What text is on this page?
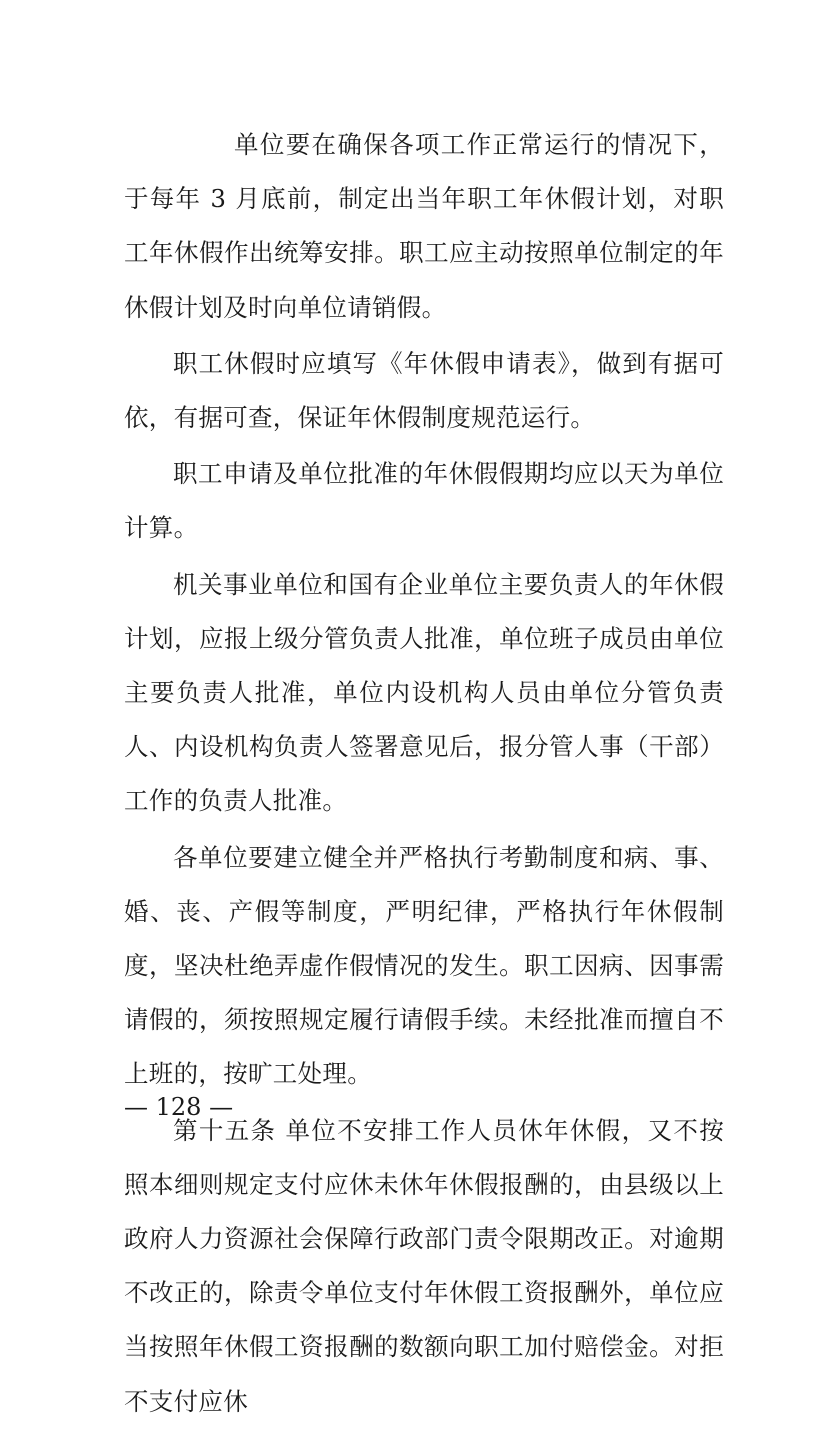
单位要在确保各项工作正常运行的情况下，于每年 3 月底前，制定出当年职工年休假计划，对职工年休假作出统筹安排。职工应主动按照单位制定的年休假计划及时向单位请销假。

职工休假时应填写《年休假申请表》，做到有据可依，有据可查，保证年休假制度规范运行。

职工申请及单位批准的年休假假期均应以天为单位计算。

机关事业单位和国有企业单位主要负责人的年休假计划，应报上级分管负责人批准，单位班子成员由单位主要负责人批准，单位内设机构人员由单位分管负责人、内设机构负责人签署意见后，报分管人事（干部）工作的负责人批准。

各单位要建立健全并严格执行考勤制度和病、事、婚、丧、产假等制度，严明纪律，严格执行年休假制度，坚决杜绝弄虚作假情况的发生。职工因病、因事需请假的，须按照规定履行请假手续。未经批准而擅自不上班的，按旷工处理。

第十五条 单位不安排工作人员休年休假，又不按照本细则规定支付应休未休年休假报酬的，由县级以上政府人力资源社会保障行政部门责令限期改正。对逾期不改正的，除责令单位支付年休假工资报酬外，单位应当按照年休假工资报酬的数额向职工加付赔偿金。对拒不支付应休

— 128 —
